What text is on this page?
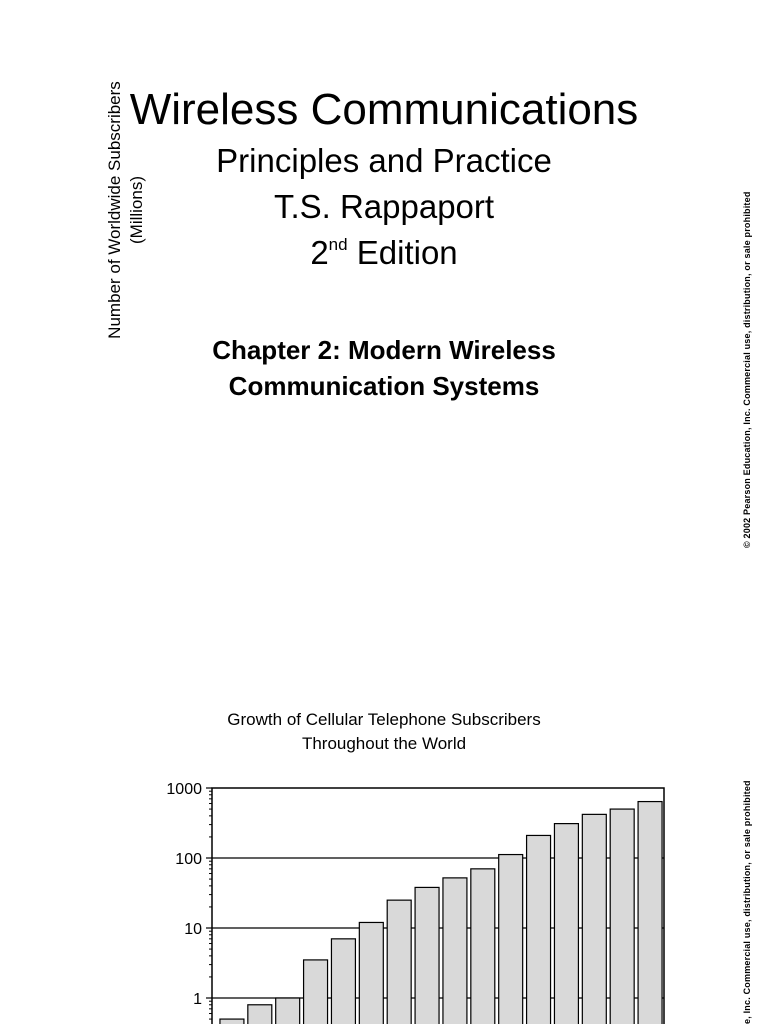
Wireless Communications

Principles and Practice

T.S. Rappaport

2nd Edition

Chapter 2: Modern Wireless
Communication Systems	© 2002 Pearson Education, Inc. Commercial use, distribution, or sale prohibited
e, Inc. Commercial use, distribution, or sale prohibited
Growth of Cellular Telephone Subscribers
Throughout the World
1
10
100
1000
Number of Worldwide Subscribers (Millions)
